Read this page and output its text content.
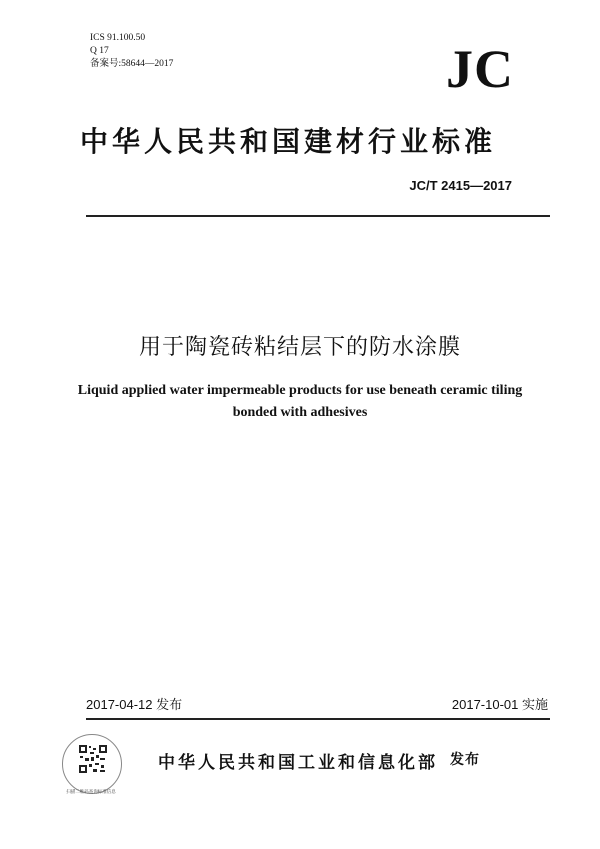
ICS 91.100.50
Q 17
备案号:58644—2017	JC
中华人民共和国建材行业标准
JC/T 2415—2017
用于陶瓷砖粘结层下的防水涂膜
Liquid applied water impermeable products for use beneath ceramic tiling
bonded with adhesives
2017-04-12 发布	2017-10-01 实施
扫描二维码查询标准信息
中华人民共和国工业和信息化部 发布
